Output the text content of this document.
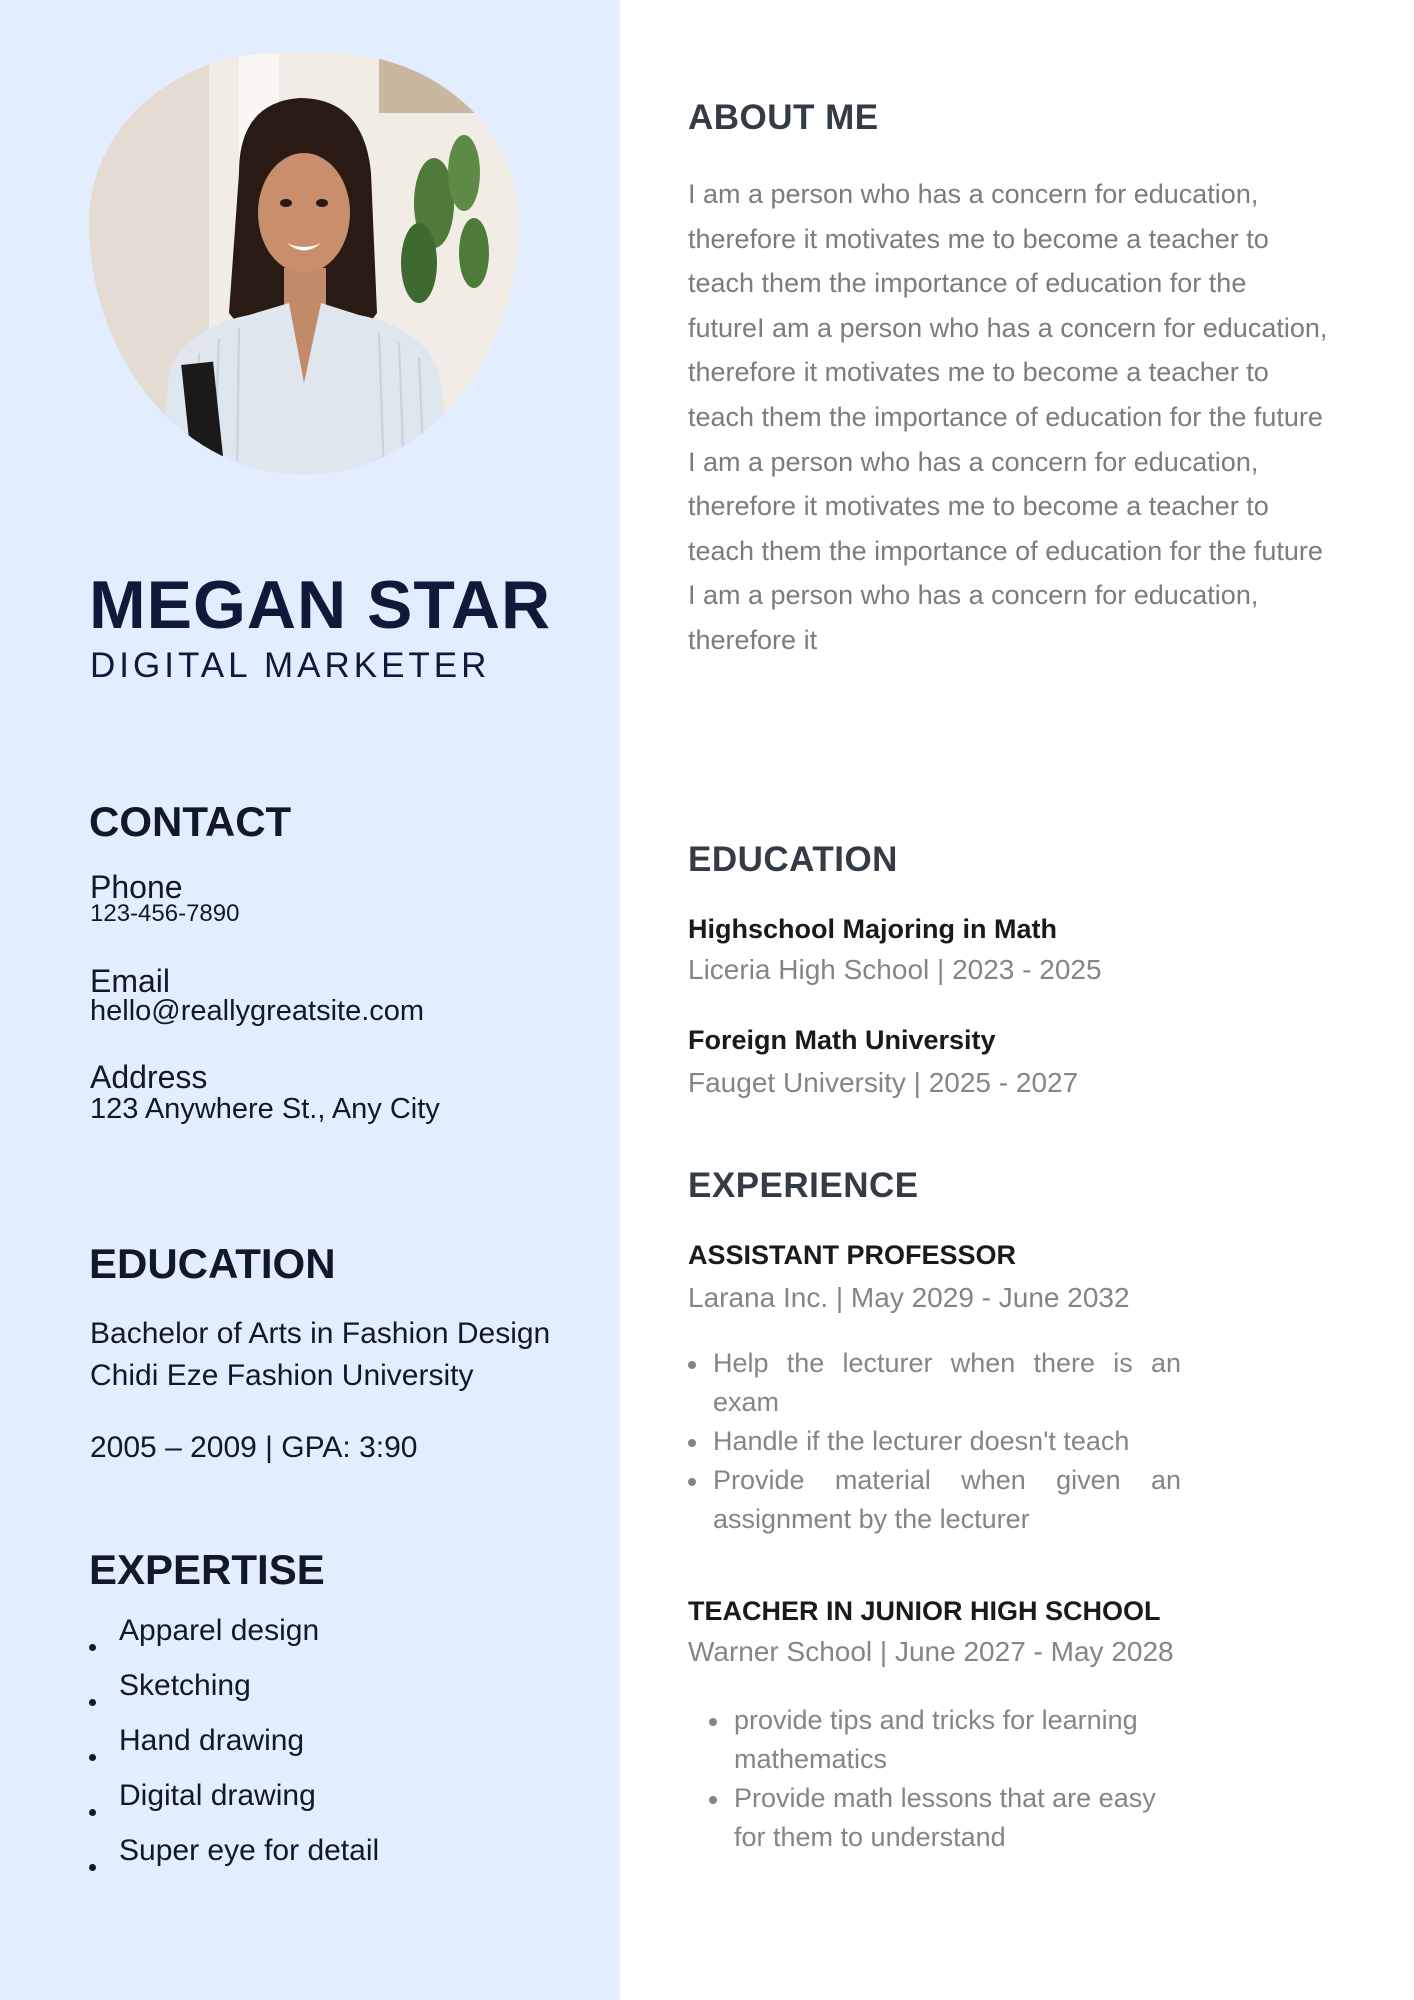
MEGAN STAR
DIGITAL MARKETER
CONTACT
Phone
123-456-7890
Email
hello@reallygreatsite.com
Address
123 Anywhere St., Any City
EDUCATION
Bachelor of Arts in Fashion Design
Chidi Eze Fashion University
2005 – 2009 | GPA: 3:90
EXPERTISE
Apparel design
Sketching
Hand drawing
Digital drawing
Super eye for detail
ABOUT ME

I am a person who has a concern for education, therefore it motivates me to become a teacher to teach them the importance of education for the futureI am a person who has a concern for education, therefore it motivates me to become a teacher to teach them the importance of education for the future

I am a person who has a concern for education, therefore it motivates me to become a teacher to teach them the importance of education for the future

I am a person who has a concern for education, therefore it

EDUCATION
Highschool Majoring in Math
Liceria High School | 2023 - 2025
Foreign Math University
Fauget University | 2025 - 2027
EXPERIENCE
ASSISTANT PROFESSOR
Larana Inc. | May 2029 - June 2032
Help the lecturer when there is an exam
Handle if the lecturer doesn't teach
Provide material when given an assignment by the lecturer
TEACHER IN JUNIOR HIGH SCHOOL
Warner School | June 2027 - May 2028
provide tips and tricks for learning mathematics
Provide math lessons that are easy for them to understand
